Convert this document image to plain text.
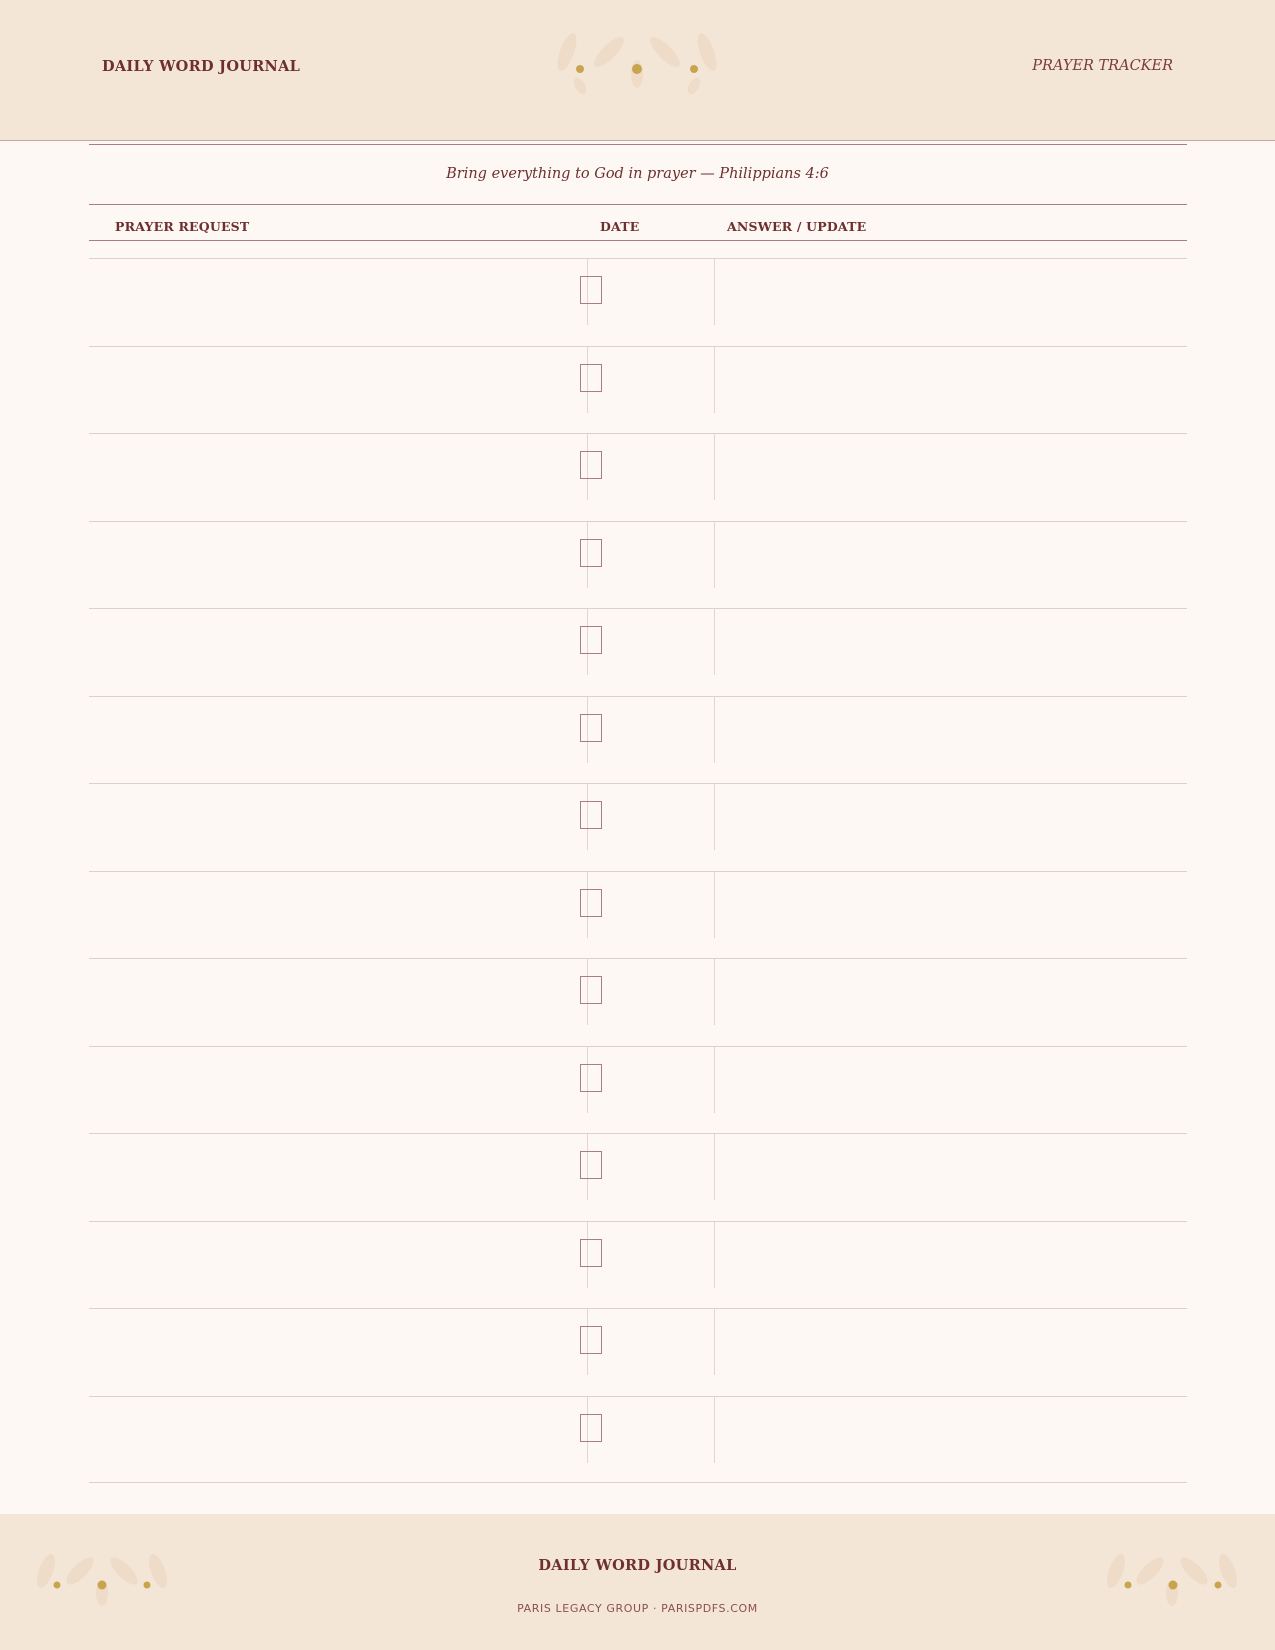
DAILY WORD JOURNAL	PRAYER TRACKER
Bring everything to God in prayer — Philippians 4:6
PRAYER REQUEST	DATE	ANSWER / UPDATE
DAILY WORD JOURNAL
PARIS LEGACY GROUP · PARISPDFS.COM
